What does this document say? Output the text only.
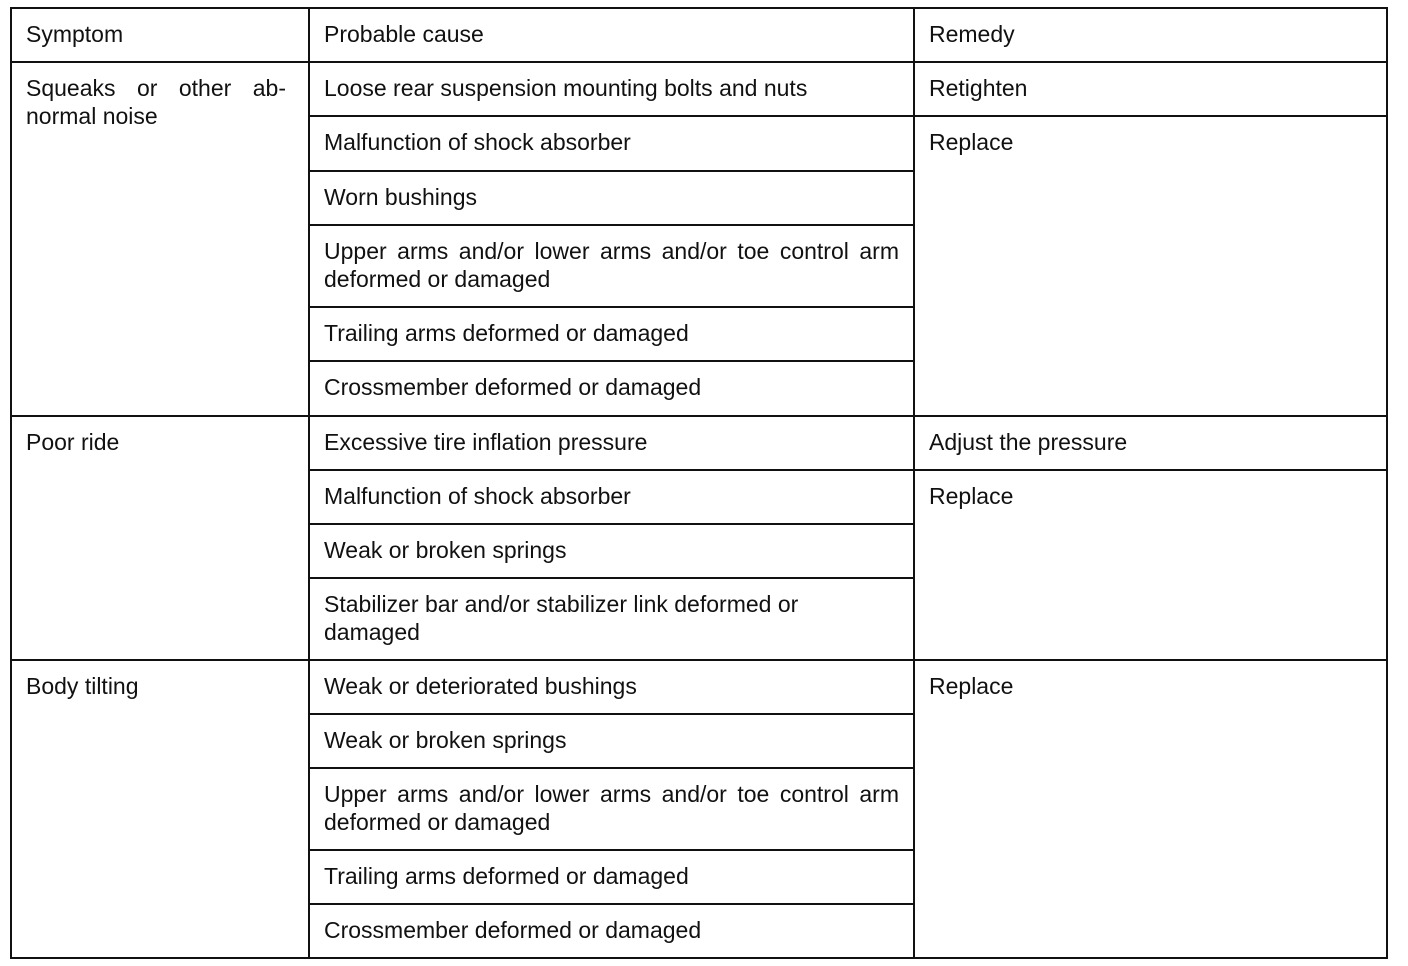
Symptom	Probable cause	Remedy

Squeaks or other ab-normal noise	Loose rear suspension mounting bolts and nuts	Retighten
	Malfunction of shock absorber	Replace
	Worn bushings	

	Upper arms and/or lower arms and/or toe control arm deformed or damaged	

	Trailing arms deformed or damaged	
	Crossmember deformed or damaged	
Poor ride	Excessive tire inflation pressure	Adjust the pressure
	Malfunction of shock absorber	Replace
	Weak or broken springs	
	Stabilizer bar and/or stabilizer link deformed or damaged	
Body tilting	Weak or deteriorated bushings	Replace
	Weak or broken springs	

	Upper arms and/or lower arms and/or toe control arm deformed or damaged	

	Trailing arms deformed or damaged	
	Crossmember deformed or damaged	
